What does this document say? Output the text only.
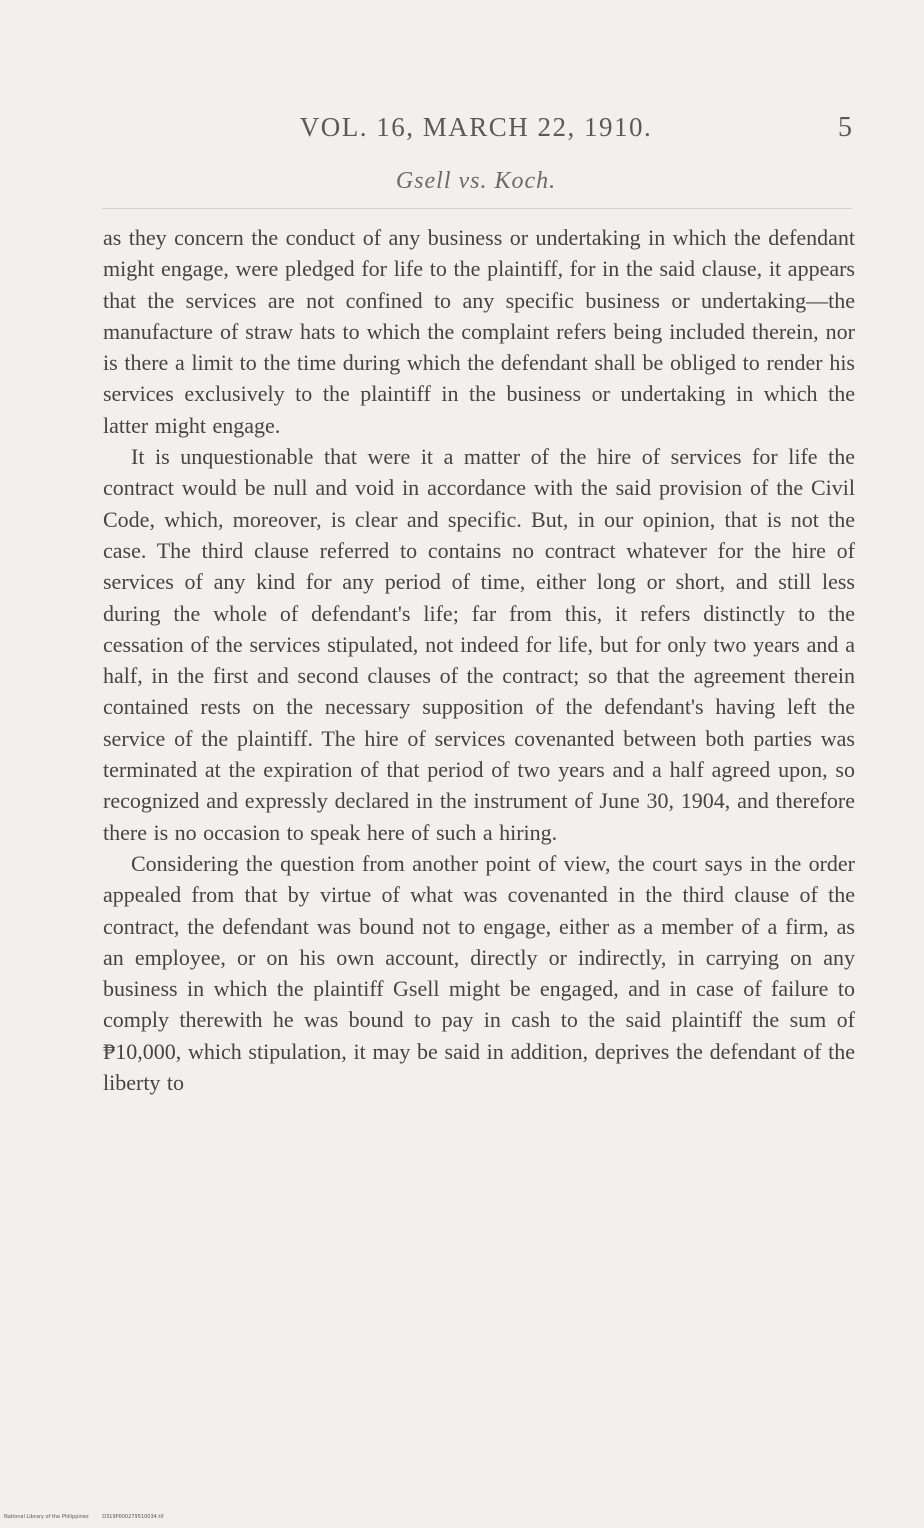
VOL. 16, MARCH 22, 1910.	5
Gsell vs. Koch.

as they concern the conduct of any business or undertaking in which the defendant might engage, were pledged for life to the plaintiff, for in the said clause, it appears that the services are not confined to any specific business or undertaking—the manufacture of straw hats to which the complaint refers being included therein, nor is there a limit to the time during which the defendant shall be obliged to render his services exclusively to the plaintiff in the business or undertaking in which the latter might engage.

It is unquestionable that were it a matter of the hire of services for life the contract would be null and void in accordance with the said provision of the Civil Code, which, moreover, is clear and specific. But, in our opinion, that is not the case. The third clause referred to contains no contract whatever for the hire of services of any kind for any period of time, either long or short, and still less during the whole of defendant's life; far from this, it refers distinctly to the cessation of the services stipulated, not indeed for life, but for only two years and a half, in the first and second clauses of the contract; so that the agreement therein contained rests on the necessary supposition of the defendant's having left the service of the plaintiff. The hire of services covenanted between both parties was terminated at the expiration of that period of two years and a half agreed upon, so recognized and expressly declared in the instrument of June 30, 1904, and therefore there is no occasion to speak here of such a hiring.

Considering the question from another point of view, the court says in the order appealed from that by virtue of what was covenanted in the third clause of the contract, the defendant was bound not to engage, either as a member of a firm, as an employee, or on his own account, directly or indirectly, in carrying on any business in which the plaintiff Gsell might be engaged, and in case of failure to comply therewith he was bound to pay in cash to the said plaintiff the sum of ₱10,000, which stipulation, it may be said in addition, deprives the defendant of the liberty to

National Library of the Philippines	D319P000279510034.tif
